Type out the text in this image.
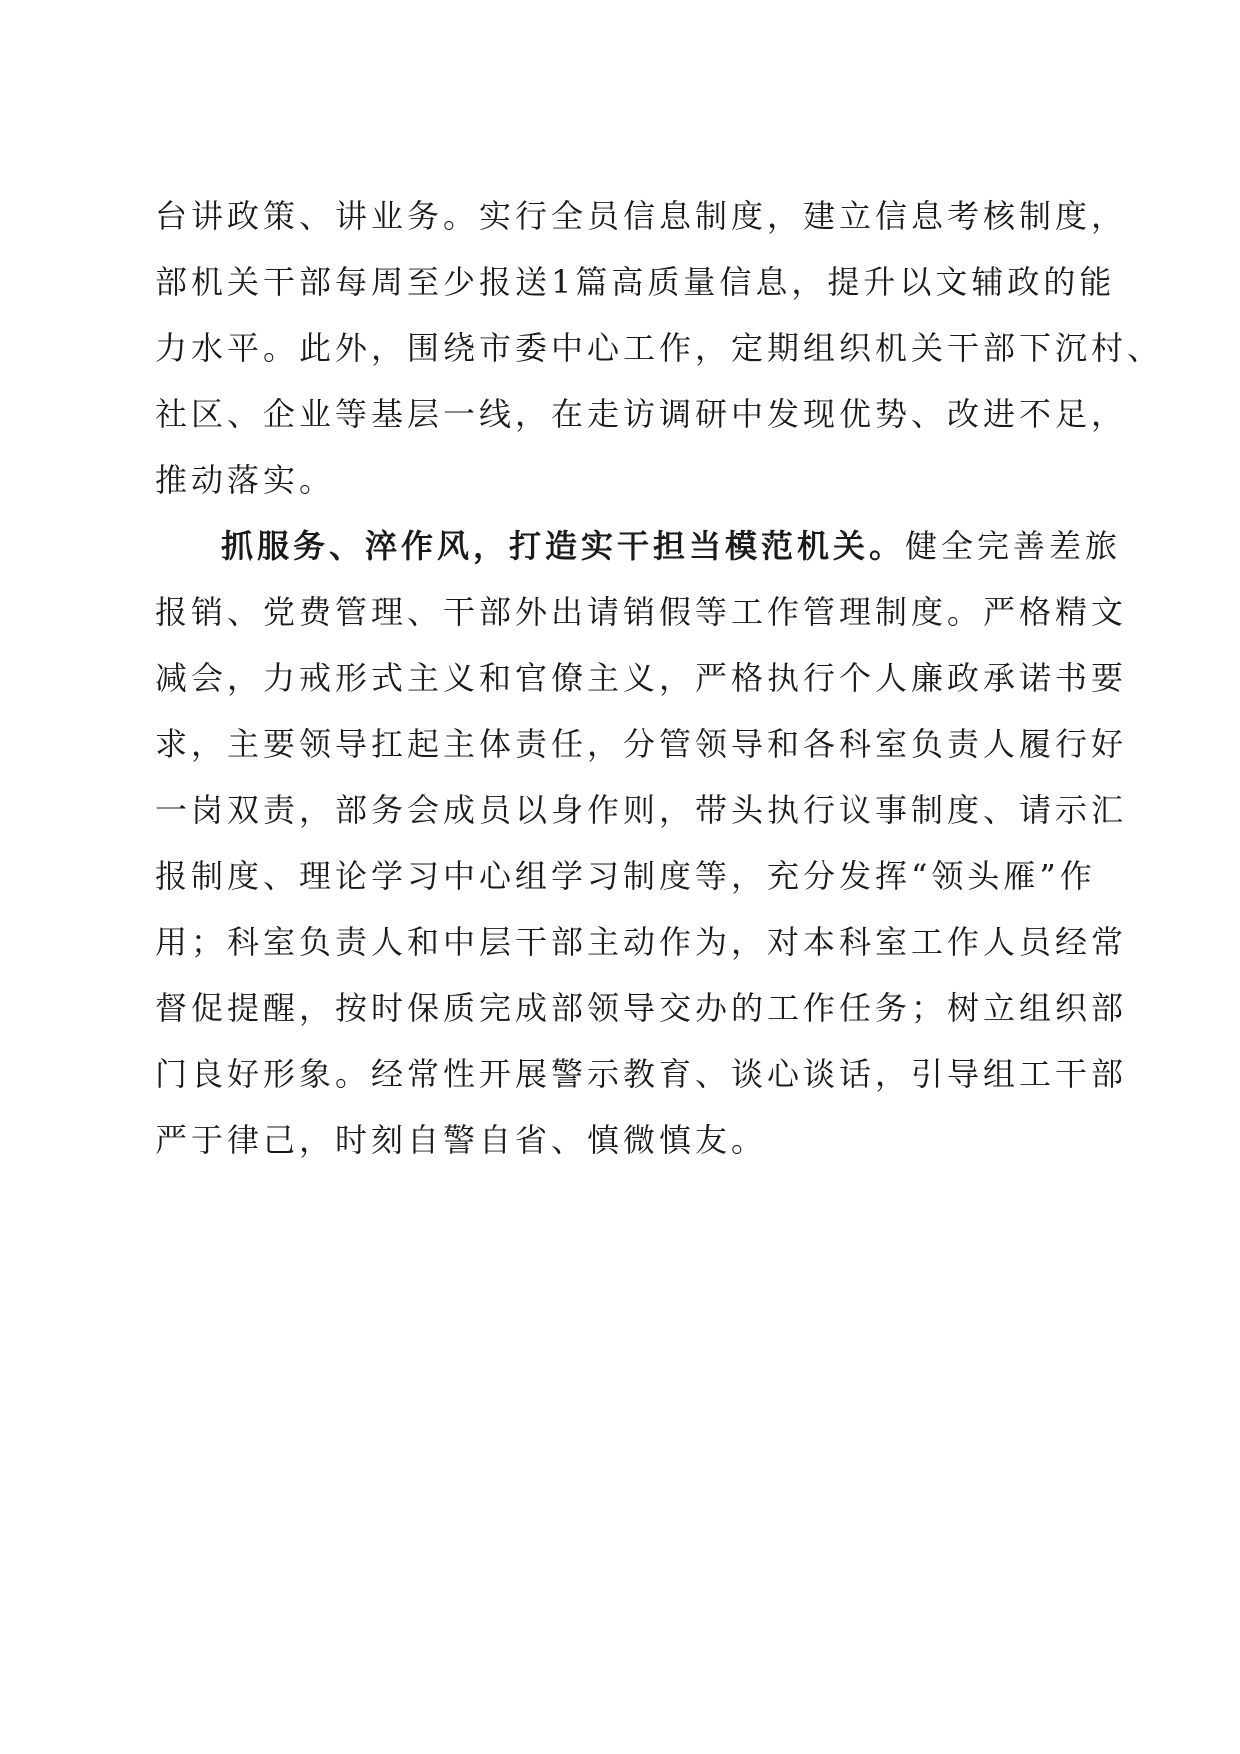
台讲政策、讲业务。实行全员信息制度，建立信息考核制度，
部机关干部每周至少报送1篇高质量信息，提升以文辅政的能
力水平。此外，围绕市委中心工作，定期组织机关干部下沉村、
社区、企业等基层一线，在走访调研中发现优势、改进不足，
推动落实。
抓服务、淬作风，打造实干担当模范机关。健全完善差旅
报销、党费管理、干部外出请销假等工作管理制度。严格精文
减会，力戒形式主义和官僚主义，严格执行个人廉政承诺书要
求，主要领导扛起主体责任，分管领导和各科室负责人履行好
一岗双责，部务会成员以身作则，带头执行议事制度、请示汇
报制度、理论学习中心组学习制度等，充分发挥“领头雁”作
用；科室负责人和中层干部主动作为，对本科室工作人员经常
督促提醒，按时保质完成部领导交办的工作任务；树立组织部
门良好形象。经常性开展警示教育、谈心谈话，引导组工干部
严于律己，时刻自警自省、慎微慎友。
